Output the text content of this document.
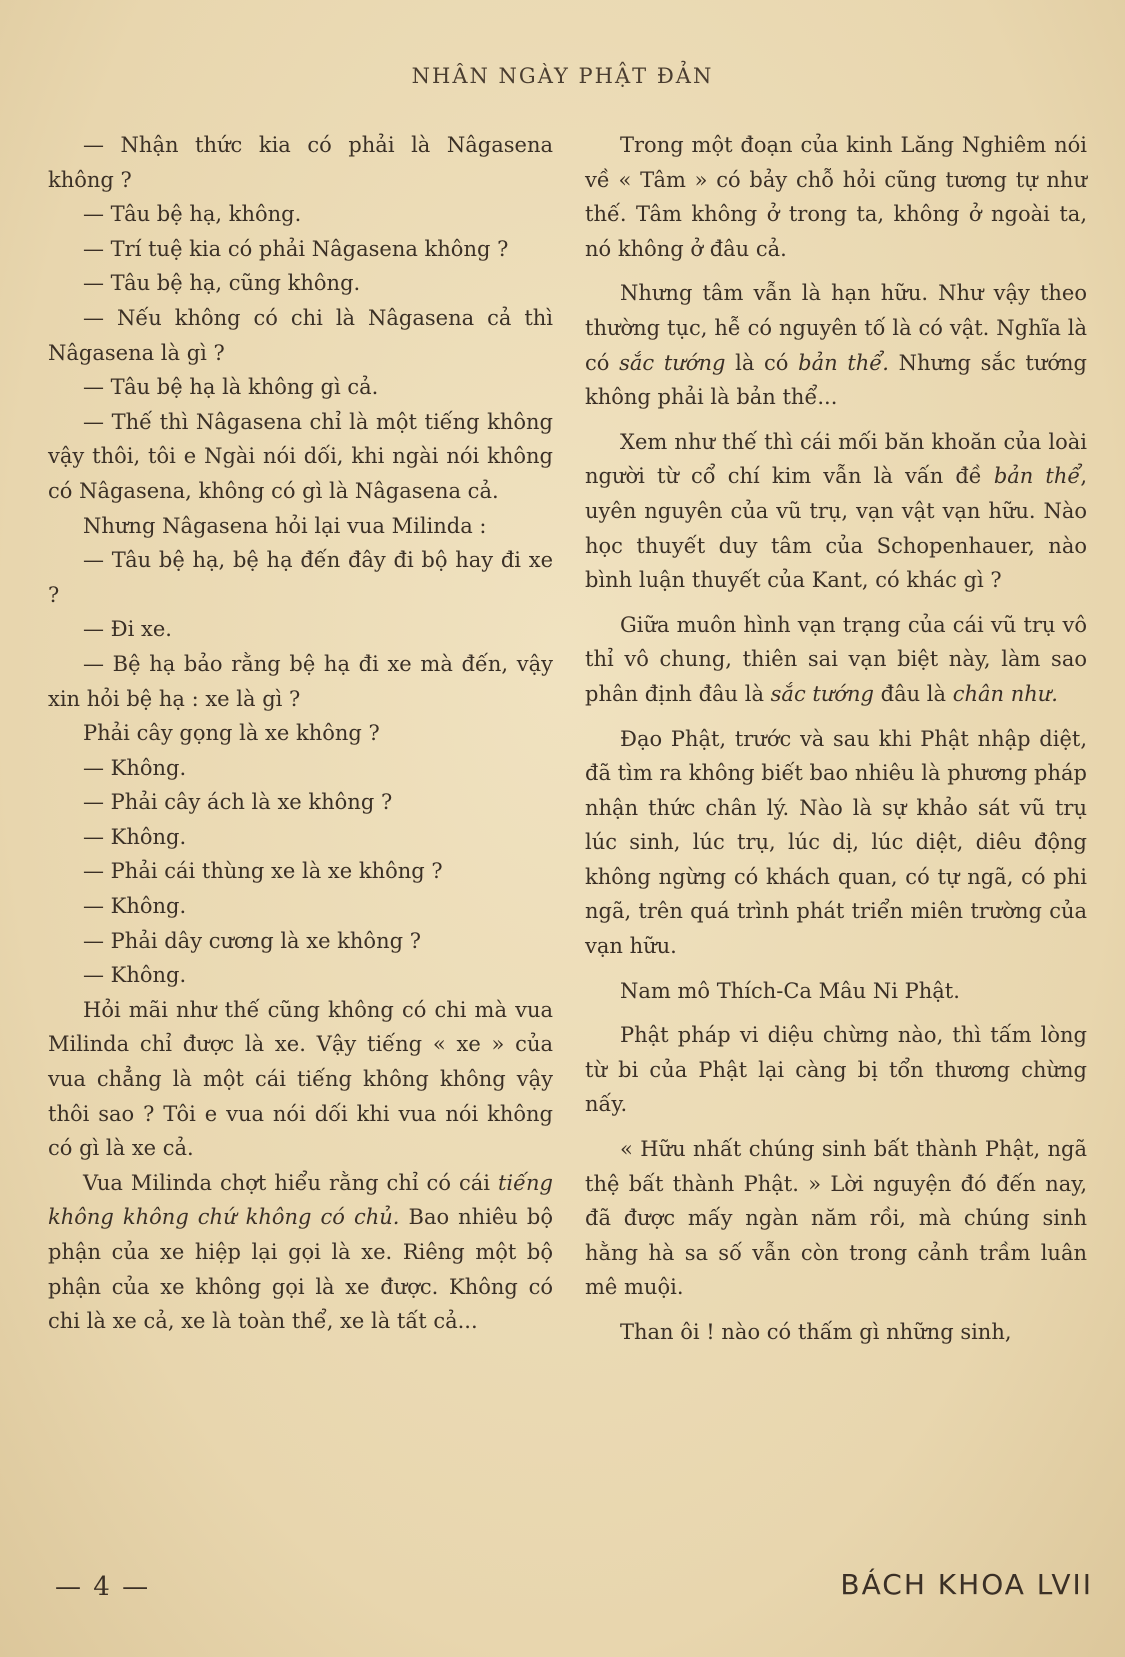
NHÂN NGÀY PHẬT ĐẢN

— Nhận thức kia có phải là Nâgasena không ?

— Tâu bệ hạ, không.

— Trí tuệ kia có phải Nâgasena không ?

— Tâu bệ hạ, cũng không.

— Nếu không có chi là Nâgasena cả thì Nâgasena là gì ?

— Tâu bệ hạ là không gì cả.

— Thế thì Nâgasena chỉ là một tiếng không vậy thôi, tôi e Ngài nói dối, khi ngài nói không có Nâgasena, không có gì là Nâgasena cả.

Nhưng Nâgasena hỏi lại vua Milinda :

— Tâu bệ hạ, bệ hạ đến đây đi bộ hay đi xe ?

— Đi xe.

— Bệ hạ bảo rằng bệ hạ đi xe mà đến, vậy xin hỏi bệ hạ : xe là gì ?

Phải cây gọng là xe không ?

— Không.

— Phải cây ách là xe không ?

— Không.

— Phải cái thùng xe là xe không ?

— Không.

— Phải dây cương là xe không ?

— Không.

Hỏi mãi như thế cũng không có chi mà vua Milinda chỉ được là xe. Vậy tiếng « xe » của vua chẳng là một cái tiếng không không vậy thôi sao ? Tôi e vua nói dối khi vua nói không có gì là xe cả.

Vua Milinda chợt hiểu rằng chỉ có cái tiếng không không chứ không có chủ. Bao nhiêu bộ phận của xe hiệp lại gọi là xe. Riêng một bộ phận của xe không gọi là xe được. Không có chi là xe cả, xe là toàn thể, xe là tất cả...

Trong một đoạn của kinh Lăng Nghiêm nói về « Tâm » có bảy chỗ hỏi cũng tương tự như thế. Tâm không ở trong ta, không ở ngoài ta, nó không ở đâu cả.

Nhưng tâm vẫn là hạn hữu. Như vậy theo thường tục, hễ có nguyên tố là có vật. Nghĩa là có sắc tướng là có bản thể. Nhưng sắc tướng không phải là bản thể...

Xem như thế thì cái mối băn khoăn của loài người từ cổ chí kim vẫn là vấn đề bản thể, uyên nguyên của vũ trụ, vạn vật vạn hữu. Nào học thuyết duy tâm của Schopenhauer, nào bình luận thuyết của Kant, có khác gì ?

Giữa muôn hình vạn trạng của cái vũ trụ vô thỉ vô chung, thiên sai vạn biệt này, làm sao phân định đâu là sắc tướng đâu là chân như.

Đạo Phật, trước và sau khi Phật nhập diệt, đã tìm ra không biết bao nhiêu là phương pháp nhận thức chân lý. Nào là sự khảo sát vũ trụ lúc sinh, lúc trụ, lúc dị, lúc diệt, diêu động không ngừng có khách quan, có tự ngã, có phi ngã, trên quá trình phát triển miên trường của vạn hữu.

Nam mô Thích-Ca Mâu Ni Phật.

Phật pháp vi diệu chừng nào, thì tấm lòng từ bi của Phật lại càng bị tổn thương chừng nấy.

« Hữu nhất chúng sinh bất thành Phật, ngã thệ bất thành Phật. » Lời nguyện đó đến nay, đã được mấy ngàn năm rồi, mà chúng sinh hằng hà sa số vẫn còn trong cảnh trầm luân mê muội.

Than ôi ! nào có thấm gì những sinh,

— 4 —	BÁCH KHOA LVII
